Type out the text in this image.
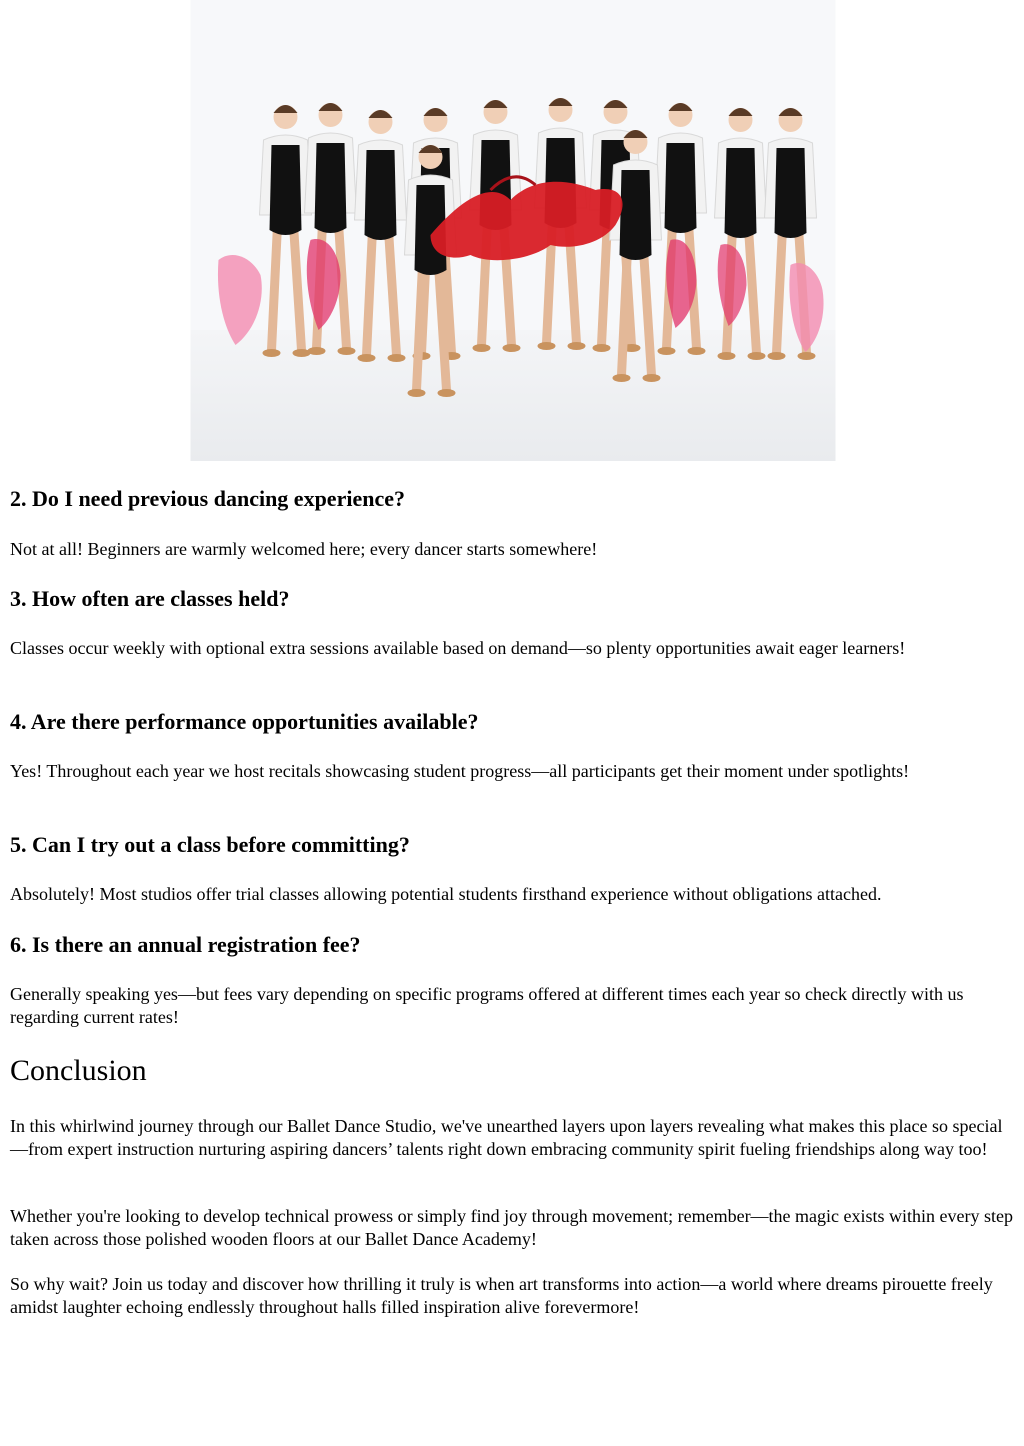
2. Do I need previous dancing experience?

Not at all! Beginners are warmly welcomed here; every dancer starts somewhere!

3. How often are classes held?

Classes occur weekly with optional extra sessions available based on demand—so plenty opportunities await eager learners!

4. Are there performance opportunities available?

Yes! Throughout each year we host recitals showcasing student progress—all participants get their moment under spotlights!

5. Can I try out a class before committing?

Absolutely! Most studios offer trial classes allowing potential students firsthand experience without obligations attached.

6. Is there an annual registration fee?

Generally speaking yes—but fees vary depending on specific programs offered at different times each year so check directly with us regarding current rates!

Conclusion

In this whirlwind journey through our Ballet Dance Studio, we've unearthed layers upon layers revealing what makes this place so special—from expert instruction nurturing aspiring dancers’ talents right down embracing community spirit fueling friendships along way too!

Whether you're looking to develop technical prowess or simply find joy through movement; remember—the magic exists within every step taken across those polished wooden floors at our Ballet Dance Academy!

So why wait? Join us today and discover how thrilling it truly is when art transforms into action—a world where dreams pirouette freely amidst laughter echoing endlessly throughout halls filled inspiration alive forevermore!
